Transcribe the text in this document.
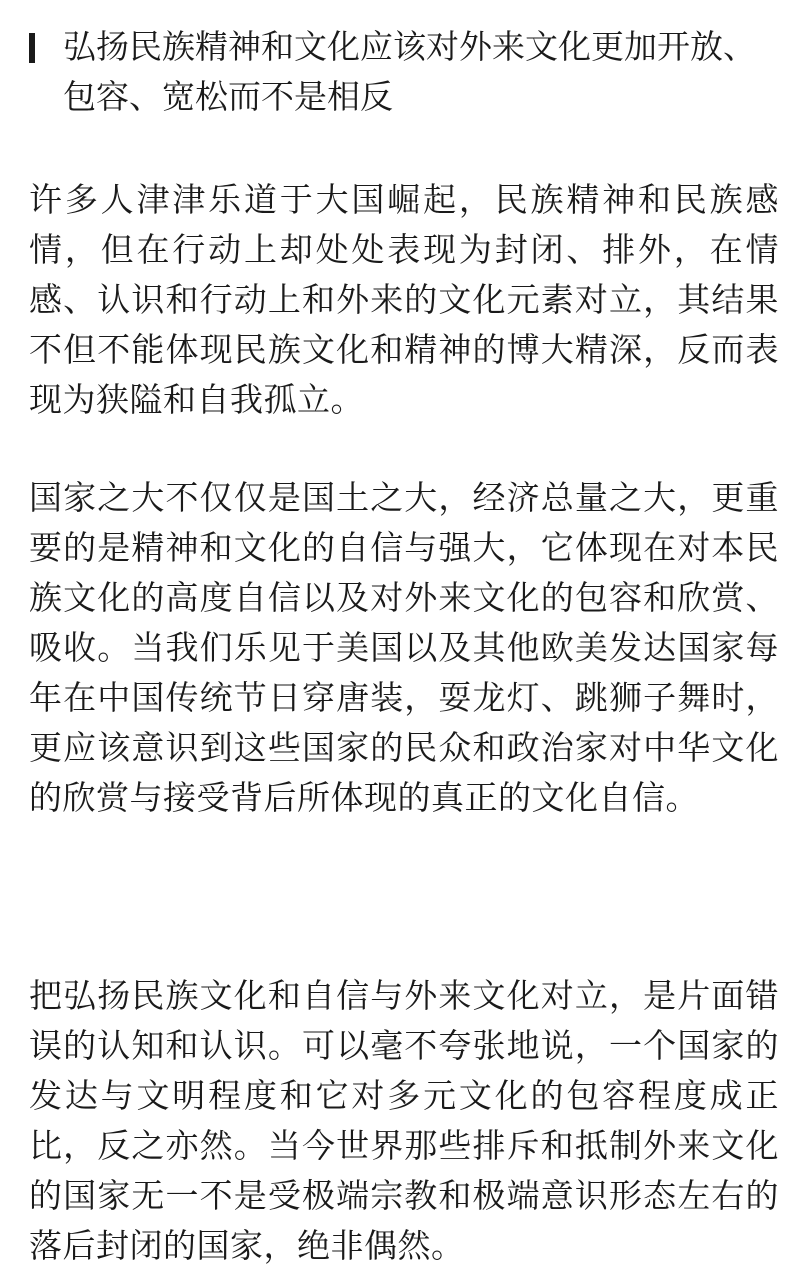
弘扬民族精神和文化应该对外来文化更加开放、包容、宽松而不是相反

许多人津津乐道于大国崛起，民族精神和民族感情，但在行动上却处处表现为封闭、排外，在情感、认识和行动上和外来的文化元素对立，其结果不但不能体现民族文化和精神的博大精深，反而表现为狭隘和自我孤立。

国家之大不仅仅是国土之大，经济总量之大，更重要的是精神和文化的自信与强大，它体现在对本民族文化的高度自信以及对外来文化的包容和欣赏、吸收。当我们乐见于美国以及其他欧美发达国家每年在中国传统节日穿唐装，耍龙灯、跳狮子舞时，更应该意识到这些国家的民众和政治家对中华文化的欣赏与接受背后所体现的真正的文化自信。

把弘扬民族文化和自信与外来文化对立，是片面错误的认知和认识。可以毫不夸张地说，一个国家的发达与文明程度和它对多元文化的包容程度成正比，反之亦然。当今世界那些排斥和抵制外来文化的国家无一不是受极端宗教和极端意识形态左右的落后封闭的国家，绝非偶然。
